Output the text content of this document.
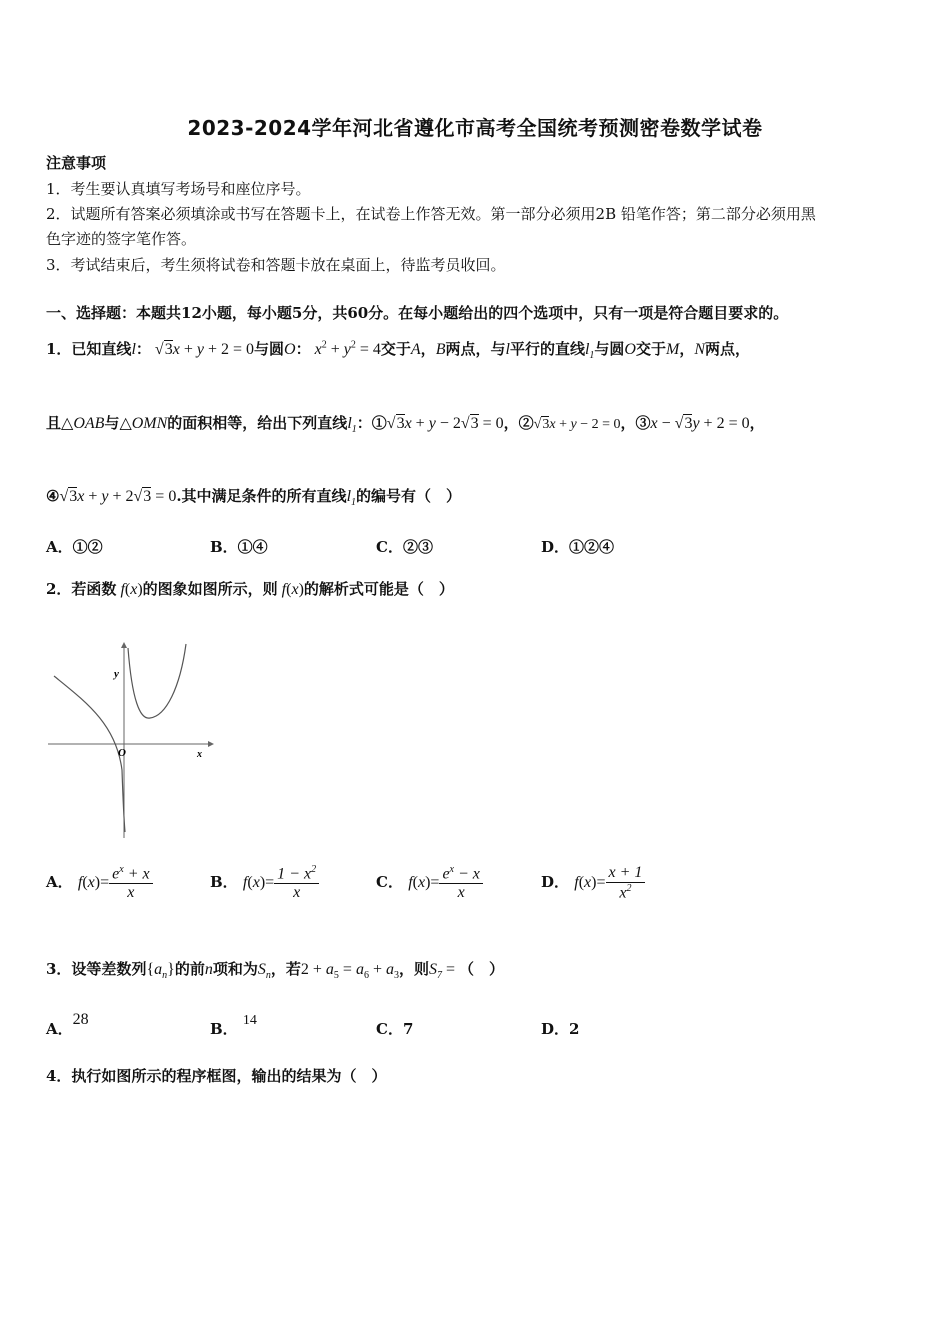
2023-2024学年河北省遵化市高考全国统考预测密卷数学试卷
注意事项
1．考生要认真填写考场号和座位序号。
2．试题所有答案必须填涂或书写在答题卡上，在试卷上作答无效。第一部分必须用2B 铅笔作答；第二部分必须用黑
色字迹的签字笔作答。
3．考试结束后，考生须将试卷和答题卡放在桌面上，待监考员收回。
一、选择题：本题共12小题，每小题5分，共60分。在每小题给出的四个选项中，只有一项是符合题目要求的。
1．已知直线l： √3x + y + 2 = 0与圆O： $x^2 + y^2 = 4$交于A，B两点，与l平行的直线$l_1$与圆O交于M，N两点，
且△OAB与△OMN的面积相等，给出下列直线$l_1$：①√3x + y − 2√3 = 0，②√3x + y − 2 = 0，③x − √3y + 2 = 0，
④√3x + y + 2√3 = 0.其中满足条件的所有直线$l_1$的编号有（　）
A．①②	B．①④	C．②③	D．①②④
2．若函数 f(x)的图象如图所示，则 f(x)的解析式可能是（　）
y
x
O
A． $f(x)= \frac{e^x + x}{x}$	B． $f(x)= \frac{1 - x^2}{x}$	C． $f(x)= \frac{e^x - x}{x}$	D． $f(x)= \frac{x + 1}{x^2}$
3．设等差数列$\{a_n\}$的前n项和为$S_n$，若$2 + a_5 = a_6 + a_3$，则$S_7$ = （　）
A．28
B． 14	C．7	D．2
4．执行如图所示的程序框图，输出的结果为（　）
